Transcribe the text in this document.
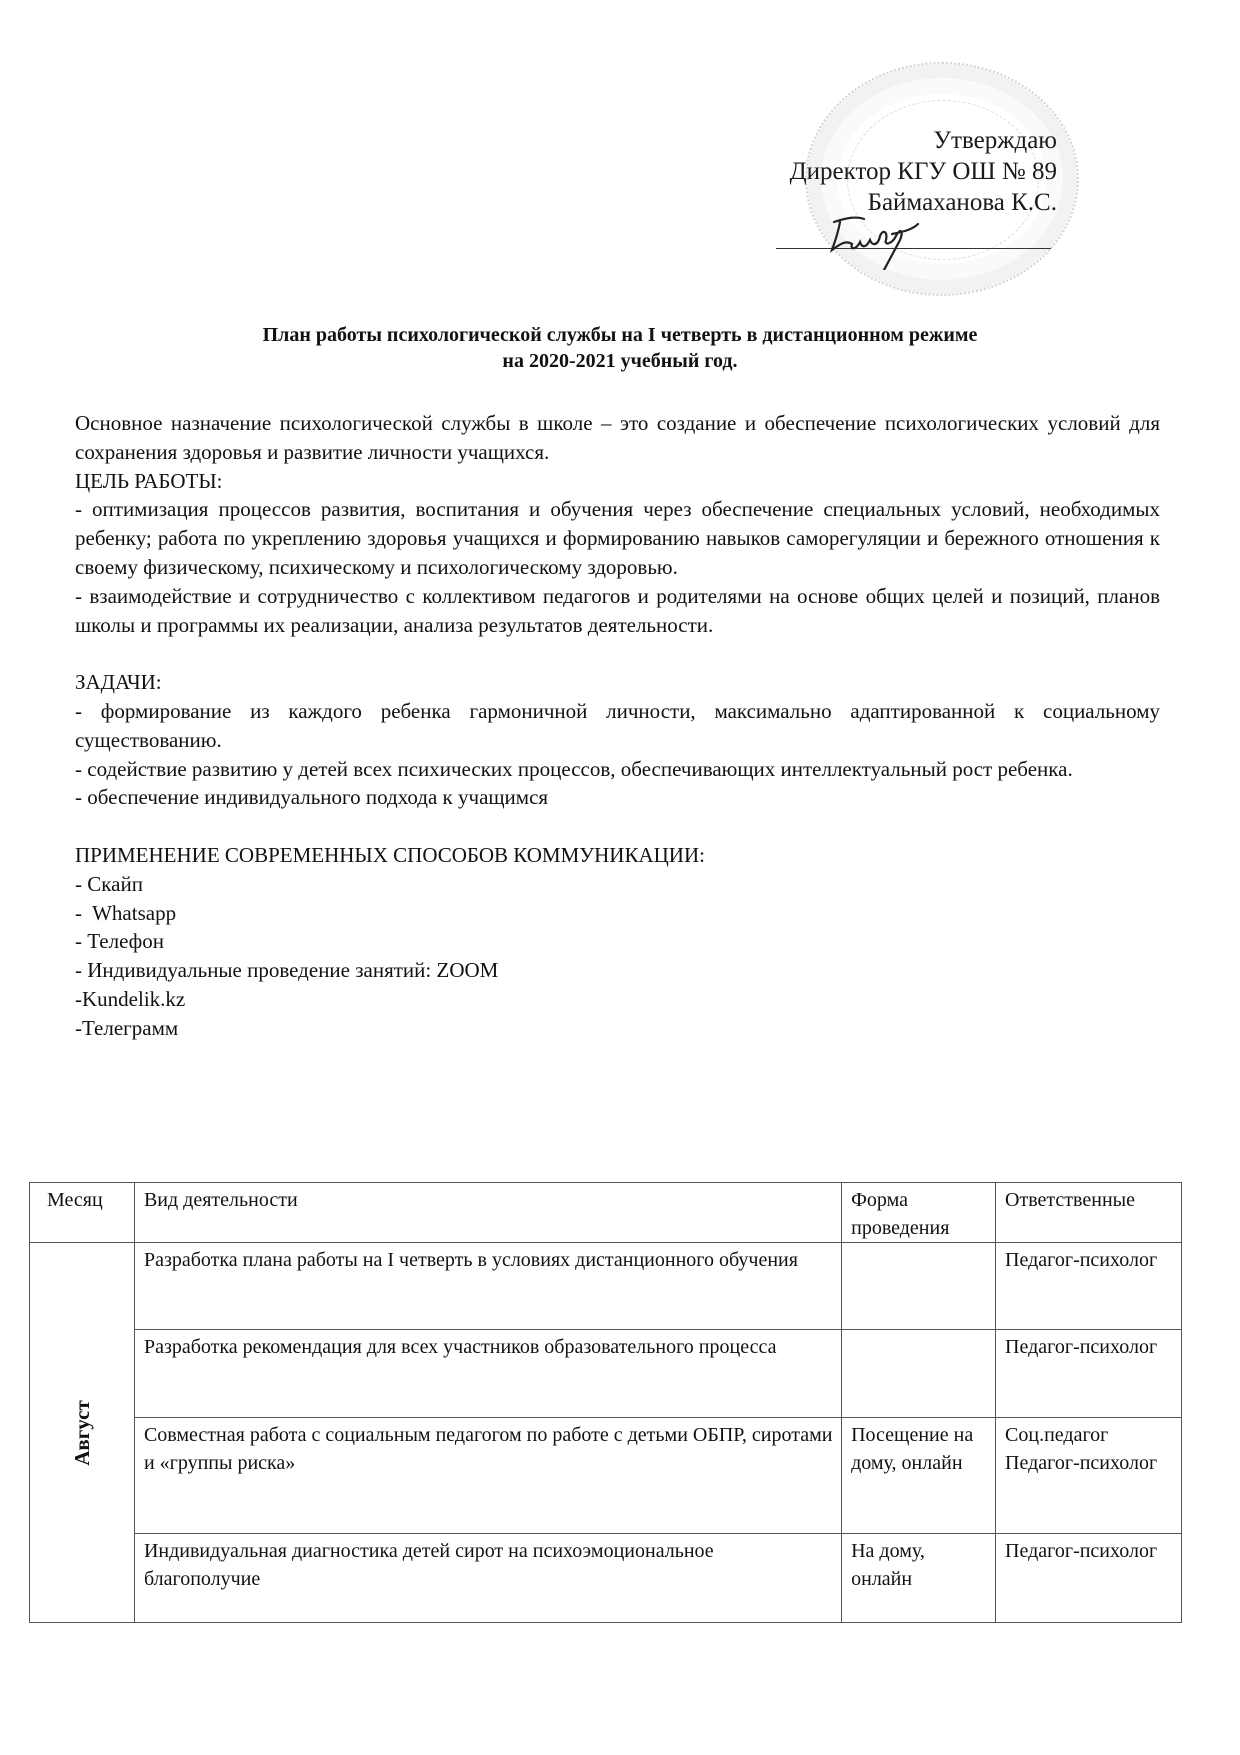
Утверждаю
Директор КГУ ОШ № 89
Баймаханова К.С.
План работы психологической службы на I четверть в дистанционном режиме
на 2020-2021 учебный год.

Основное назначение психологической службы в школе – это создание и обеспечение психологических условий для сохранения здоровья и развитие личности учащихся.

ЦЕЛЬ РАБОТЫ:

- оптимизация процессов развития, воспитания и обучения через обеспечение специальных условий, необходимых ребенку; работа по укреплению здоровья учащихся и формированию навыков саморегуляции и бережного отношения к своему физическому, психическому и психологическому здоровью.

- взаимодействие и сотрудничество с коллективом педагогов и родителями на основе общих целей и позиций, планов школы и программы их реализации, анализа результатов деятельности.

ЗАДАЧИ:

- формирование из каждого ребенка гармоничной личности, максимально адаптированной к социальному существованию.

- содействие развитию у детей всех психических процессов, обеспечивающих интеллектуальный рост ребенка.

- обеспечение индивидуального подхода к учащимся

ПРИМЕНЕНИЕ СОВРЕМЕННЫХ СПОСОБОВ КОММУНИКАЦИИ:

- Скайп

-  Whatsapp

- Телефон

- Индивидуальные проведение занятий: ZOOM

-Kundelik.kz

-Телеграмм

Месяц	Вид деятельности	Форма проведения	Ответственные

Август	Разработка плана работы на I четверть в условиях дистанционного обучения		Педагог-психолог
	Разработка рекомендация для всех участников образовательного процесса		Педагог-психолог
	Совместная работа с социальным педагогом по работе с детьми ОБПР, сиротами и «группы риска»	Посещение на дому, онлайн	Соц.педагог Педагог-психолог
	Индивидуальная диагностика детей сирот на психоэмоциональное благополучие	На дому, онлайн	Педагог-психолог
